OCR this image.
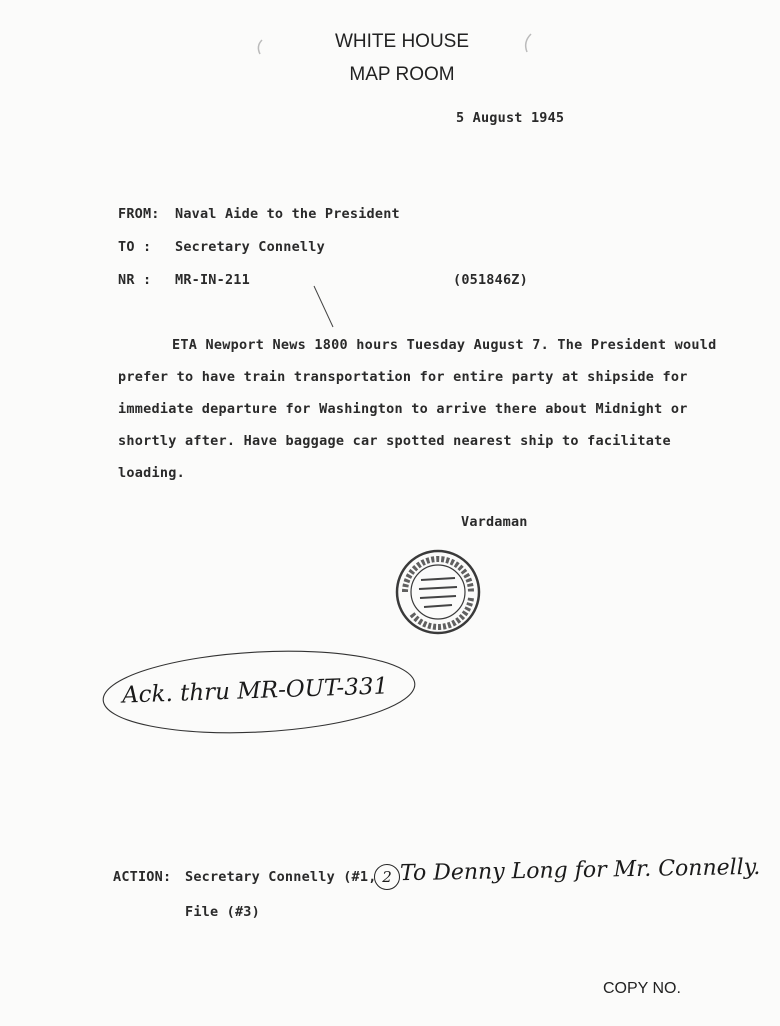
WHITE HOUSE
MAP ROOM
5 August 1945
FROM: Naval Aide to the President
TO : Secretary Connelly
NR : MR-IN-211	(051846Z)
ETA Newport News 1800 hours Tuesday August 7. The President would
prefer to have train transportation for entire party at shipside for
immediate departure for Washington to arrive there about Midnight or
shortly after. Have baggage car spotted nearest ship to facilitate
loading.
Vardaman
Ack. thru MR-OUT-331
ACTION: Secretary Connelly (#1, 2 To Denny Long for Mr. Connelly.
File (#3)
COPY NO.
